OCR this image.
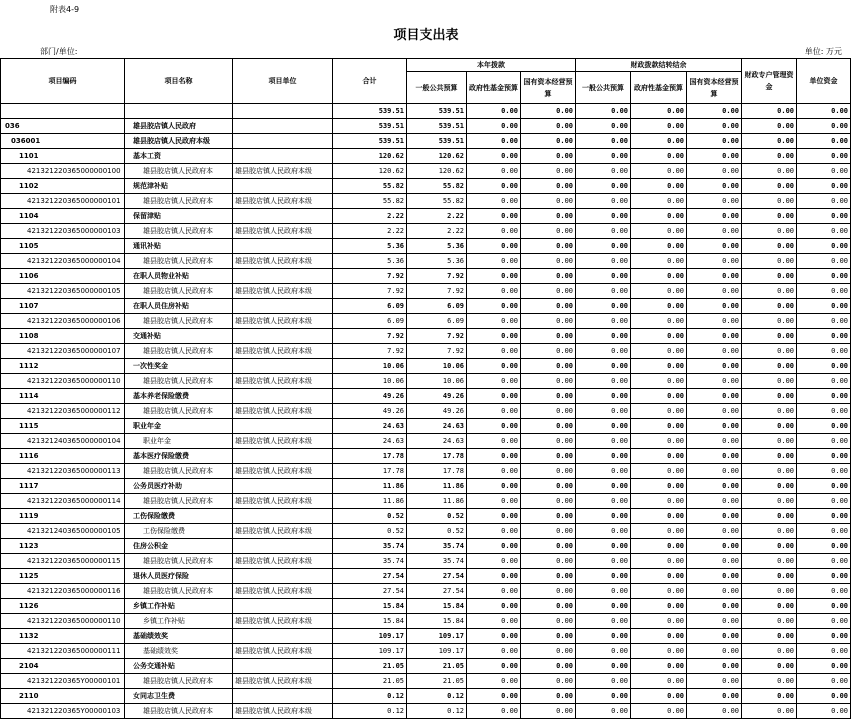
附表4-9
项目支出表
部门/单位:	单位: 万元
项目编码	项目名称	项目单位	合计	本年拨款			财政拨款结转结余			财政专户管理资金	单位资金
				一般公共预算	政府性基金预算	国有资本经营预算	一般公共预算	政府性基金预算	国有资本经营预算		
			539.51	539.51	0.00	0.00	0.00	0.00	0.00	0.00	0.00
036	雄县胶店镇人民政府		539.51	539.51	0.00	0.00	0.00	0.00	0.00	0.00	0.00
036001	雄县胶店镇人民政府本级		539.51	539.51	0.00	0.00	0.00	0.00	0.00	0.00	0.00
1101	基本工资		120.62	120.62	0.00	0.00	0.00	0.00	0.00	0.00	0.00
421321220365000000100	雄县胶店镇人民政府本	雄县胶店镇人民政府本级	120.62	120.62	0.00	0.00	0.00	0.00	0.00	0.00	0.00
1102	规范津补贴		55.82	55.82	0.00	0.00	0.00	0.00	0.00	0.00	0.00
421321220365000000101	雄县胶店镇人民政府本	雄县胶店镇人民政府本级	55.82	55.82	0.00	0.00	0.00	0.00	0.00	0.00	0.00
1104	保留津贴		2.22	2.22	0.00	0.00	0.00	0.00	0.00	0.00	0.00
421321220365000000103	雄县胶店镇人民政府本	雄县胶店镇人民政府本级	2.22	2.22	0.00	0.00	0.00	0.00	0.00	0.00	0.00
1105	通讯补贴		5.36	5.36	0.00	0.00	0.00	0.00	0.00	0.00	0.00
421321220365000000104	雄县胶店镇人民政府本	雄县胶店镇人民政府本级	5.36	5.36	0.00	0.00	0.00	0.00	0.00	0.00	0.00
1106	在职人员物业补贴		7.92	7.92	0.00	0.00	0.00	0.00	0.00	0.00	0.00
421321220365000000105	雄县胶店镇人民政府本	雄县胶店镇人民政府本级	7.92	7.92	0.00	0.00	0.00	0.00	0.00	0.00	0.00
1107	在职人员住房补贴		6.09	6.09	0.00	0.00	0.00	0.00	0.00	0.00	0.00
421321220365000000106	雄县胶店镇人民政府本	雄县胶店镇人民政府本级	6.09	6.09	0.00	0.00	0.00	0.00	0.00	0.00	0.00
1108	交通补贴		7.92	7.92	0.00	0.00	0.00	0.00	0.00	0.00	0.00
421321220365000000107	雄县胶店镇人民政府本	雄县胶店镇人民政府本级	7.92	7.92	0.00	0.00	0.00	0.00	0.00	0.00	0.00
1112	一次性奖金		10.06	10.06	0.00	0.00	0.00	0.00	0.00	0.00	0.00
421321220365000000110	雄县胶店镇人民政府本	雄县胶店镇人民政府本级	10.06	10.06	0.00	0.00	0.00	0.00	0.00	0.00	0.00
1114	基本养老保险缴费		49.26	49.26	0.00	0.00	0.00	0.00	0.00	0.00	0.00
421321220365000000112	雄县胶店镇人民政府本	雄县胶店镇人民政府本级	49.26	49.26	0.00	0.00	0.00	0.00	0.00	0.00	0.00
1115	职业年金		24.63	24.63	0.00	0.00	0.00	0.00	0.00	0.00	0.00
421321240365000000104	职业年金	雄县胶店镇人民政府本级	24.63	24.63	0.00	0.00	0.00	0.00	0.00	0.00	0.00
1116	基本医疗保险缴费		17.78	17.78	0.00	0.00	0.00	0.00	0.00	0.00	0.00
421321220365000000113	雄县胶店镇人民政府本	雄县胶店镇人民政府本级	17.78	17.78	0.00	0.00	0.00	0.00	0.00	0.00	0.00
1117	公务员医疗补助		11.86	11.86	0.00	0.00	0.00	0.00	0.00	0.00	0.00
421321220365000000114	雄县胶店镇人民政府本	雄县胶店镇人民政府本级	11.86	11.86	0.00	0.00	0.00	0.00	0.00	0.00	0.00
1119	工伤保险缴费		0.52	0.52	0.00	0.00	0.00	0.00	0.00	0.00	0.00
421321240365000000105	工伤保险缴费	雄县胶店镇人民政府本级	0.52	0.52	0.00	0.00	0.00	0.00	0.00	0.00	0.00
1123	住房公积金		35.74	35.74	0.00	0.00	0.00	0.00	0.00	0.00	0.00
421321220365000000115	雄县胶店镇人民政府本	雄县胶店镇人民政府本级	35.74	35.74	0.00	0.00	0.00	0.00	0.00	0.00	0.00
1125	退休人员医疗保险		27.54	27.54	0.00	0.00	0.00	0.00	0.00	0.00	0.00
421321220365000000116	雄县胶店镇人民政府本	雄县胶店镇人民政府本级	27.54	27.54	0.00	0.00	0.00	0.00	0.00	0.00	0.00
1126	乡镇工作补贴		15.84	15.84	0.00	0.00	0.00	0.00	0.00	0.00	0.00
421321220365000000110	乡镇工作补贴	雄县胶店镇人民政府本级	15.84	15.84	0.00	0.00	0.00	0.00	0.00	0.00	0.00
1132	基础绩效奖		109.17	109.17	0.00	0.00	0.00	0.00	0.00	0.00	0.00
421321220365000000111	基础绩效奖	雄县胶店镇人民政府本级	109.17	109.17	0.00	0.00	0.00	0.00	0.00	0.00	0.00
2104	公务交通补贴		21.05	21.05	0.00	0.00	0.00	0.00	0.00	0.00	0.00
421321220365Y00000101	雄县胶店镇人民政府本	雄县胶店镇人民政府本级	21.05	21.05	0.00	0.00	0.00	0.00	0.00	0.00	0.00
2110	女同志卫生费		0.12	0.12	0.00	0.00	0.00	0.00	0.00	0.00	0.00
421321220365Y00000103	雄县胶店镇人民政府本	雄县胶店镇人民政府本级	0.12	0.12	0.00	0.00	0.00	0.00	0.00	0.00	0.00
